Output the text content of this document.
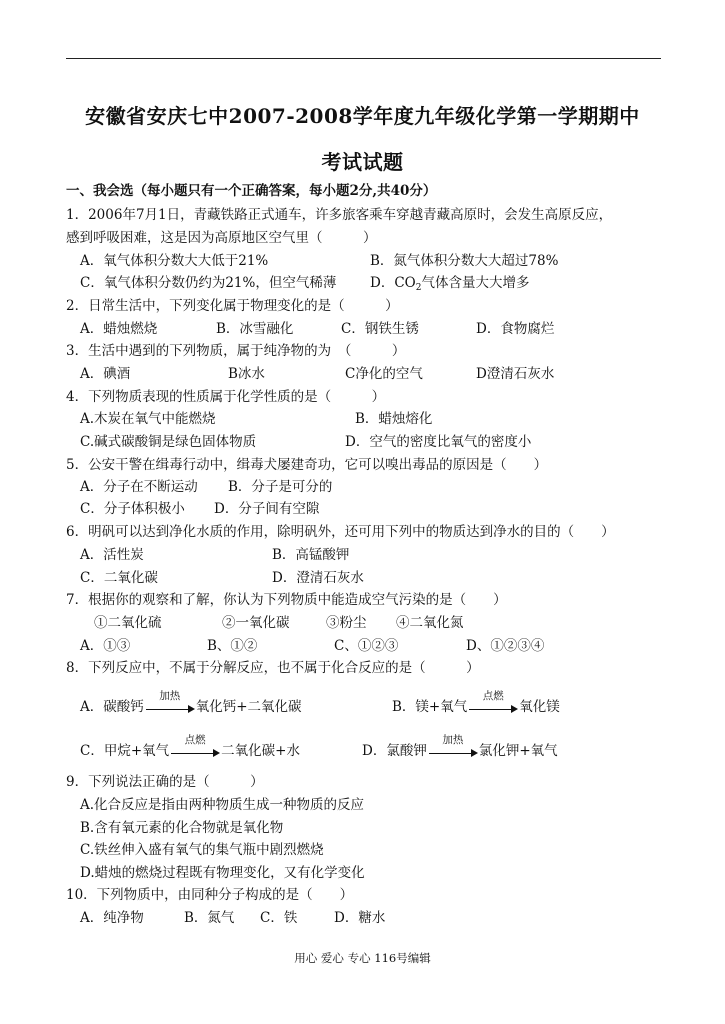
安徽省安庆七中2007-2008学年度九年级化学第一学期期中
考试试题
一、我会选（每小题只有一个正确答案，每小题2分,共40分）
1．2006年7月1日，青藏铁路正式通车，许多旅客乘车穿越青藏高原时，会发生高原反应，
感到呼吸困难，这是因为高原地区空气里（　　　）
A．氧气体积分数大大低于21%	B．氮气体积分数大大超过78%
C．氧气体积分数仍约为21%，但空气稀薄 D．$CO_2$气体含量大大增多
2．日常生活中，下列变化属于物理变化的是（　　　）
A．蜡烛燃烧	B．冰雪融化	C．钢铁生锈	D．食物腐烂
3．生活中遇到的下列物质，属于纯净物的为　（　　　）
A．碘酒	B冰水	C净化的空气	D澄清石灰水
4．下列物质表现的性质属于化学性质的是（　　　）
A.木炭在氧气中能燃烧	B．蜡烛熔化
C.碱式碳酸铜是绿色固体物质	D．空气的密度比氧气的密度小
5．公安干警在缉毒行动中，缉毒犬屡建奇功，它可以嗅出毒品的原因是（　　）
A．分子在不断运动 B．分子是可分的
C．分子体积极小 D．分子间有空隙
6．明矾可以达到净化水质的作用，除明矾外，还可用下列中的物质达到净水的目的（　　）
A．活性炭	B．高锰酸钾
C．二氧化碳	D．澄清石灰水
7．根据你的观察和了解，你认为下列物质中能造成空气污染的是（　　）
①二氧化硫	②一氧化碳	③粉尘 ④二氧化氮
A．①③	B、①②	C、①②③	D、①②③④
8．下列反应中，不属于分解反应，也不属于化合反应的是（　　　）
A．碳酸钙
加热
氧化钙+二氧化碳	B．镁+氧气
点燃
氧化镁
C．甲烷+氧气
点燃
二氧化碳+水	D．氯酸钾
加热
氯化钾+氧气
9．下列说法正确的是（　　　）
A.化合反应是指由两种物质生成一种物质的反应
B.含有氧元素的化合物就是氧化物
C.铁丝伸入盛有氧气的集气瓶中剧烈燃烧
D.蜡烛的燃烧过程既有物理变化，又有化学变化
10．下列物质中，由同种分子构成的是（　　）
A．纯净物	B．氮气 C．铁	D．糖水
用心 爱心 专心 116号编辑
